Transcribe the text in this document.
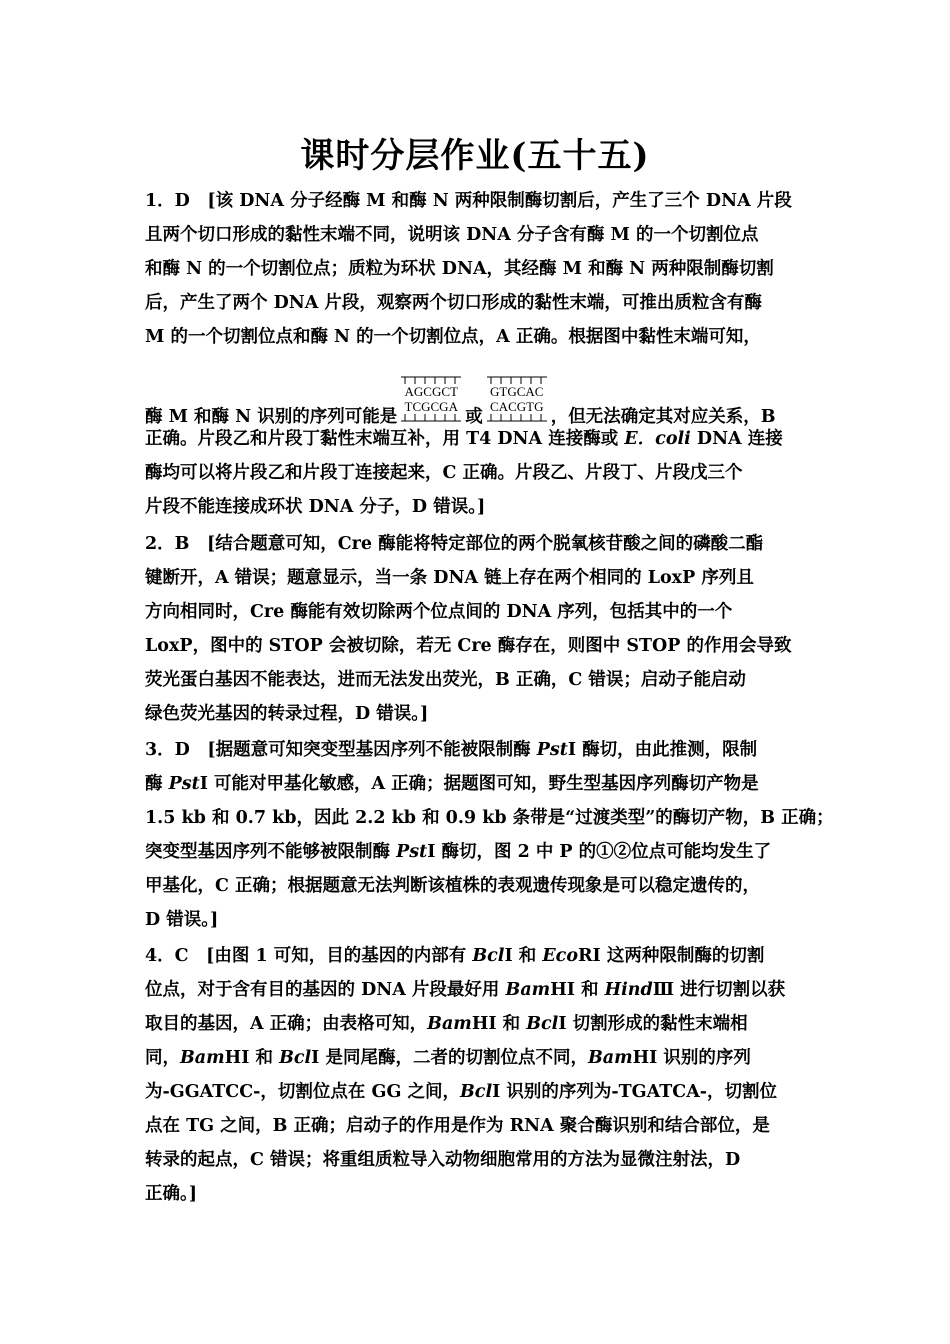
课时分层作业(五十五)
1．D　[该 DNA 分子经酶 M 和酶 N 两种限制酶切割后，产生了三个 DNA 片段
且两个切口形成的黏性末端不同，说明该 DNA 分子含有酶 M 的一个切割位点
和酶 N 的一个切割位点；质粒为环状 DNA，其经酶 M 和酶 N 两种限制酶切割
后，产生了两个 DNA 片段，观察两个切口形成的黏性末端，可推出质粒含有酶
M 的一个切割位点和酶 N 的一个切割位点，A 正确。根据图中黏性末端可知，
酶 M 和酶 N 识别的序列可能是
AGCGCT
TCGCGA
或
GTGCAC
CACGTG
，但无法确定其对应关系，B
正确。片段乙和片段丁黏性末端互补，用 T4 DNA 连接酶或 E．coli DNA 连接
酶均可以将片段乙和片段丁连接起来，C 正确。片段乙、片段丁、片段戊三个
片段不能连接成环状 DNA 分子，D 错误。]
2．B　[结合题意可知，Cre 酶能将特定部位的两个脱氧核苷酸之间的磷酸二酯
键断开，A 错误；题意显示，当一条 DNA 链上存在两个相同的 LoxP 序列且
方向相同时，Cre 酶能有效切除两个位点间的 DNA 序列，包括其中的一个
LoxP，图中的 STOP 会被切除，若无 Cre 酶存在，则图中 STOP 的作用会导致
荧光蛋白基因不能表达，进而无法发出荧光，B 正确，C 错误；启动子能启动
绿色荧光基因的转录过程，D 错误。]
3．D　[据题意可知突变型基因序列不能被限制酶 PstⅠ 酶切，由此推测，限制
酶 PstⅠ 可能对甲基化敏感，A 正确；据题图可知，野生型基因序列酶切产物是
1.5 kb 和 0.7 kb，因此 2.2 kb 和 0.9 kb 条带是“过渡类型”的酶切产物，B 正确；
突变型基因序列不能够被限制酶 PstⅠ 酶切，图 2 中 P 的①②位点可能均发生了
甲基化，C 正确；根据题意无法判断该植株的表观遗传现象是可以稳定遗传的，
D 错误。]
4．C　[由图 1 可知，目的基因的内部有 BclⅠ 和 EcoRⅠ 这两种限制酶的切割
位点，对于含有目的基因的 DNA 片段最好用 BamHⅠ 和 HindⅢ 进行切割以获
取目的基因，A 正确；由表格可知，BamHⅠ 和 BclⅠ 切割形成的黏性末端相
同，BamHⅠ 和 BclⅠ 是同尾酶，二者的切割位点不同，BamHⅠ 识别的序列
为-GGATCC-，切割位点在 GG 之间，BclⅠ 识别的序列为-TGATCA-，切割位
点在 TG 之间，B 正确；启动子的作用是作为 RNA 聚合酶识别和结合部位，是
转录的起点，C 错误；将重组质粒导入动物细胞常用的方法为显微注射法，D
正确。]
